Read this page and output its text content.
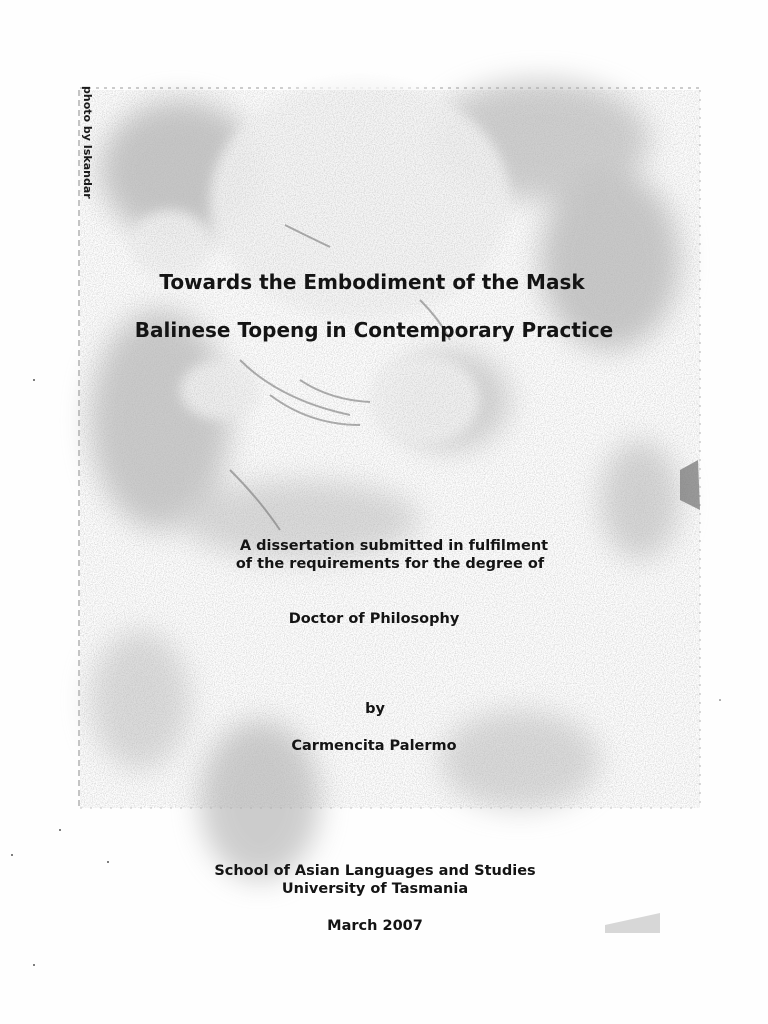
photo by Iskandar
Towards the Embodiment of the Mask
Balinese Topeng in Contemporary Practice
A dissertation submitted in fulfilment
of the requirements for the degree of
Doctor of Philosophy
by
Carmencita Palermo
School of Asian Languages and Studies
University of Tasmania
March 2007
